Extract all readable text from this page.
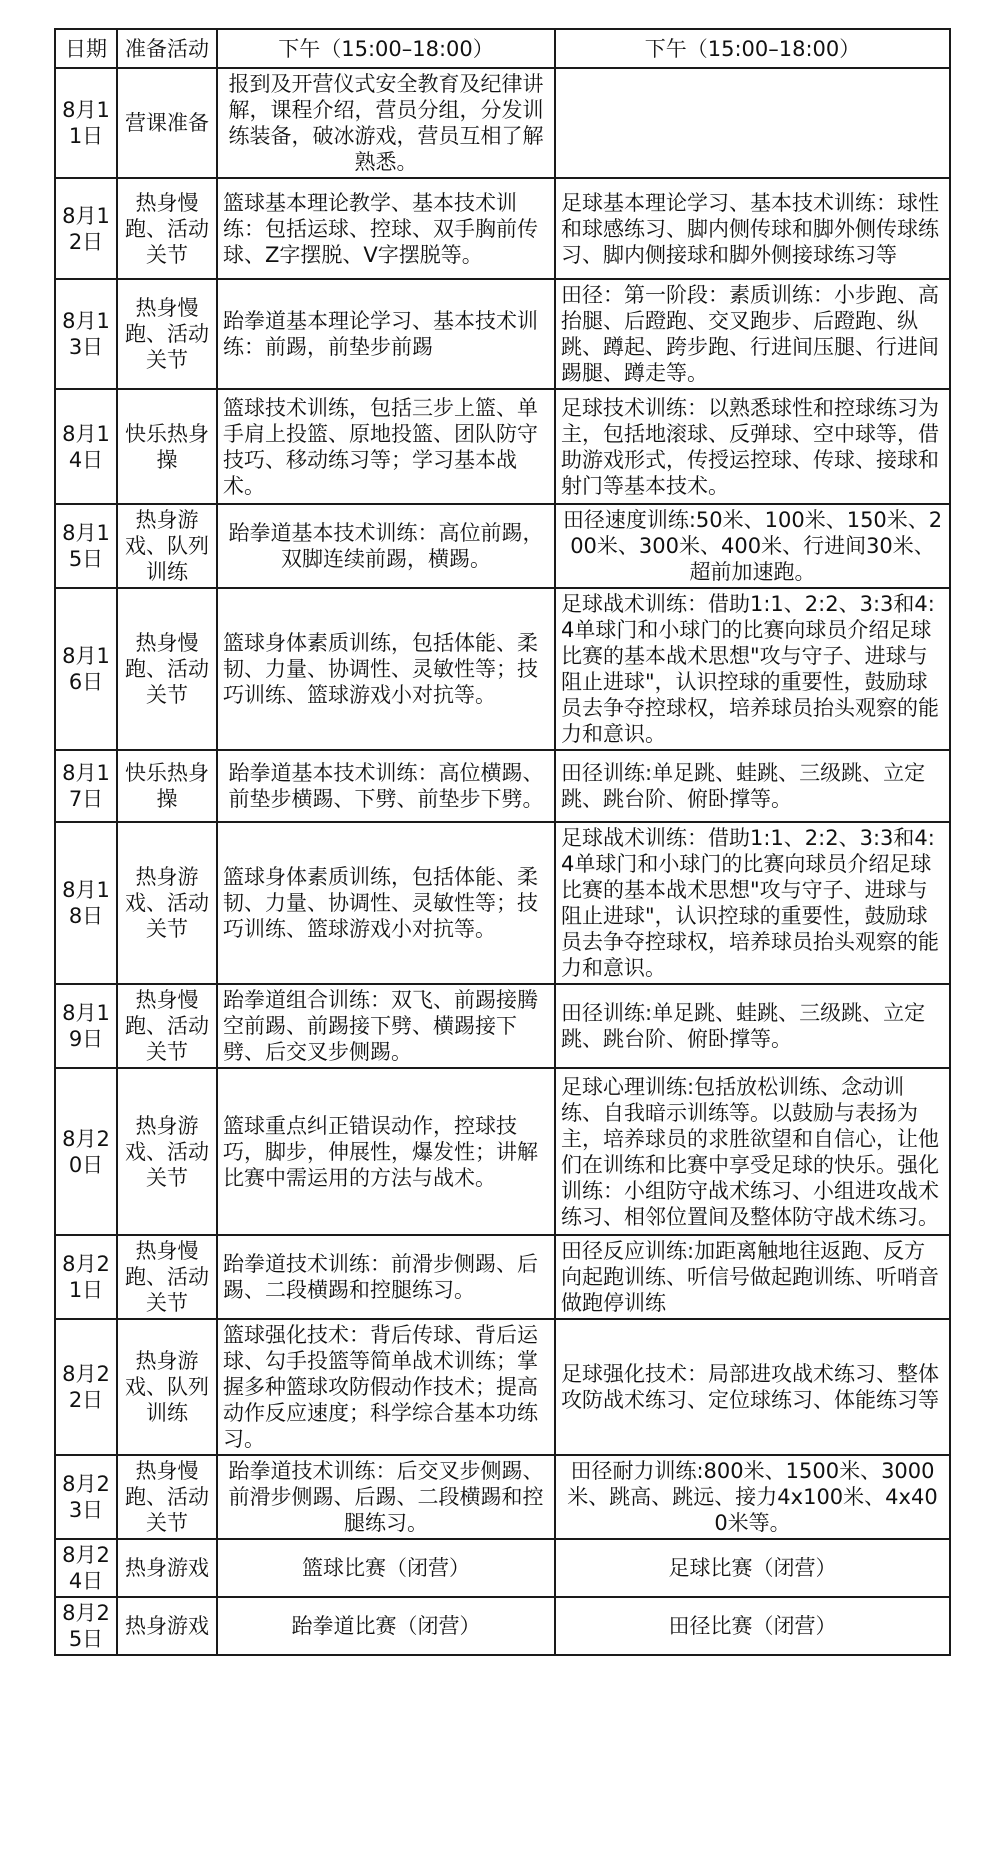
日期	准备活动	下午（15:00–18:00）	下午（15:00–18:00）
8月11日	营课准备	报到及开营仪式安全教育及纪律讲解，课程介绍，营员分组，分发训练装备，破冰游戏，营员互相了解熟悉。	
8月12日	热身慢跑、活动关节	篮球基本理论教学、基本技术训练：包括运球、控球、双手胸前传球、Z字摆脱、V字摆脱等。	足球基本理论学习、基本技术训练：球性和球感练习、脚内侧传球和脚外侧传球练习、脚内侧接球和脚外侧接球练习等
8月13日	热身慢跑、活动关节	跆拳道基本理论学习、基本技术训练：前踢，前垫步前踢	田径：第一阶段：素质训练：小步跑、高抬腿、后蹬跑、交叉跑步、后蹬跑、纵跳、蹲起、跨步跑、行进间压腿、行进间踢腿、蹲走等。
8月14日	快乐热身操	篮球技术训练，包括三步上篮、单手肩上投篮、原地投篮、团队防守技巧、移动练习等；学习基本战术。	足球技术训练：以熟悉球性和控球练习为主，包括地滚球、反弹球、空中球等，借助游戏形式，传授运控球、传球、接球和射门等基本技术。
8月15日	热身游戏、队列训练	跆拳道基本技术训练：高位前踢，双脚连续前踢，横踢。	田径速度训练:50米、100米、150米、200米、300米、400米、行进间30米、超前加速跑。
8月16日	热身慢跑、活动关节	篮球身体素质训练，包括体能、柔韧、力量、协调性、灵敏性等；技巧训练、篮球游戏小对抗等。	足球战术训练：借助1:1、2:2、3:3和4:4单球门和小球门的比赛向球员介绍足球比赛的基本战术思想"攻与守子、进球与阻止进球"，认识控球的重要性，鼓励球员去争夺控球权，培养球员抬头观察的能力和意识。
8月17日	快乐热身操	跆拳道基本技术训练：高位横踢、前垫步横踢、下劈、前垫步下劈。	田径训练:单足跳、蛙跳、三级跳、立定跳、跳台阶、俯卧撑等。
8月18日	热身游戏、活动关节	篮球身体素质训练，包括体能、柔韧、力量、协调性、灵敏性等；技巧训练、篮球游戏小对抗等。	足球战术训练：借助1:1、2:2、3:3和4:4单球门和小球门的比赛向球员介绍足球比赛的基本战术思想"攻与守子、进球与阻止进球"，认识控球的重要性，鼓励球员去争夺控球权，培养球员抬头观察的能力和意识。
8月19日	热身慢跑、活动关节	跆拳道组合训练：双飞、前踢接腾空前踢、前踢接下劈、横踢接下劈、后交叉步侧踢。	田径训练:单足跳、蛙跳、三级跳、立定跳、跳台阶、俯卧撑等。
8月20日	热身游戏、活动关节	篮球重点纠正错误动作，控球技巧，脚步，伸展性，爆发性；讲解比赛中需运用的方法与战术。	足球心理训练:包括放松训练、念动训练、自我暗示训练等。以鼓励与表扬为主，培养球员的求胜欲望和自信心，让他们在训练和比赛中享受足球的快乐。强化训练：小组防守战术练习、小组进攻战术练习、相邻位置间及整体防守战术练习。
8月21日	热身慢跑、活动关节	跆拳道技术训练：前滑步侧踢、后踢、二段横踢和控腿练习。	田径反应训练:加距离触地往返跑、反方向起跑训练、听信号做起跑训练、听哨音做跑停训练
8月22日	热身游戏、队列训练	篮球强化技术：背后传球、背后运球、勾手投篮等简单战术训练；掌握多种篮球攻防假动作技术；提高动作反应速度；科学综合基本功练习。	足球强化技术：局部进攻战术练习、整体攻防战术练习、定位球练习、体能练习等
8月23日	热身慢跑、活动关节	跆拳道技术训练：后交叉步侧踢、前滑步侧踢、后踢、二段横踢和控腿练习。	田径耐力训练:800米、1500米、3000米、跳高、跳远、接力4x100米、4x400米等。
8月24日	热身游戏	篮球比赛（闭营）	足球比赛（闭营）
8月25日	热身游戏	跆拳道比赛（闭营）	田径比赛（闭营）
